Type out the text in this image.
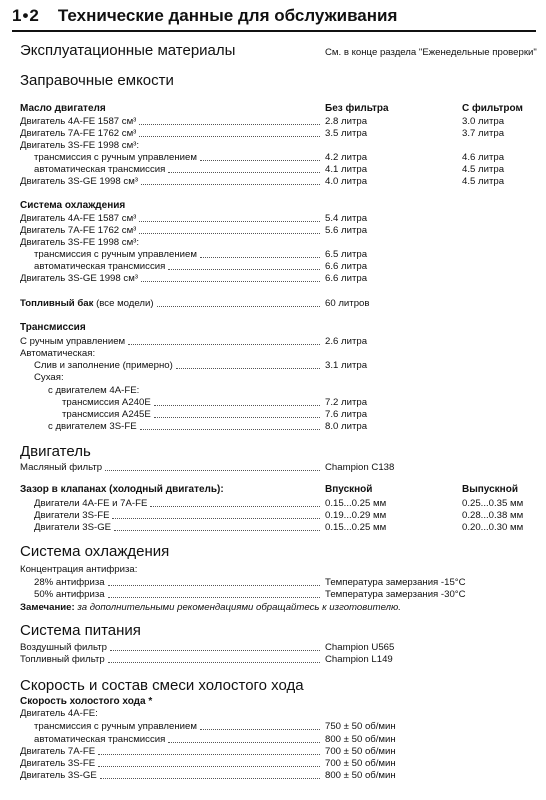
1•2 Технические данные для обслуживания
Эксплуатационные материалы	См. в конце раздела "Еженедельные проверки"
Заправочные емкости
Масло двигателя	Без фильтра	С фильтром
Двигатель 4A-FE 1587 см³	2.8 литра	3.0 литра
Двигатель 7A-FE 1762 см³	3.5 литра	3.7 литра
Двигатель 3S-FE 1998 см³:
трансмиссия с ручным управлением	4.2 литра	4.6 литра
автоматическая трансмиссия	4.1 литра	4.5 литра
Двигатель 3S-GE 1998 см³	4.0 литра	4.5 литра
Система охлаждения
Двигатель 4A-FE 1587 см³	5.4 литра
Двигатель 7A-FE 1762 см³	5.6 литра
Двигатель 3S-FE 1998 см³:
трансмиссия с ручным управлением	6.5 литра
автоматическая трансмиссия	6.6 литра
Двигатель 3S-GE 1998 см³	6.6 литра
Топливный бак (все модели)	60 литров
Трансмиссия
С ручным управлением	2.6 литра
Автоматическая:
Слив и заполнение (примерно)	3.1 литра
Сухая:
с двигателем 4A-FE:
трансмиссия A240E	7.2 литра
трансмиссия A245E	7.6 литра
с двигателем 3S-FE	8.0 литра
Двигатель
Масляный фильтр	Champion C138
Зазор в клапанах (холодный двигатель):	Впускной	Выпускной
Двигатели 4A-FE и 7A-FE	0.15...0.25 мм	0.25...0.35 мм
Двигатели 3S-FE	0.19...0.29 мм	0.28...0.38 мм
Двигатели 3S-GE	0.15...0.25 мм	0.20...0.30 мм
Система охлаждения
Концентрация антифриза:
28% антифриза	Температура замерзания -15°C
50% антифриза	Температура замерзания -30°C
Замечание: за дополнительными рекомендациями обращайтесь к изготовителю.
Система питания
Воздушный фильтр	Champion U565
Топливный фильтр	Champion L149
Скорость и состав смеси холостого хода
Скорость холостого хода *
Двигатель 4A-FE:
трансмиссия с ручным управлением	750 ± 50 об/мин
автоматическая трансмиссия	800 ± 50 об/мин
Двигатель 7A-FE	700 ± 50 об/мин
Двигатель 3S-FE	700 ± 50 об/мин
Двигатель 3S-GE	800 ± 50 об/мин
